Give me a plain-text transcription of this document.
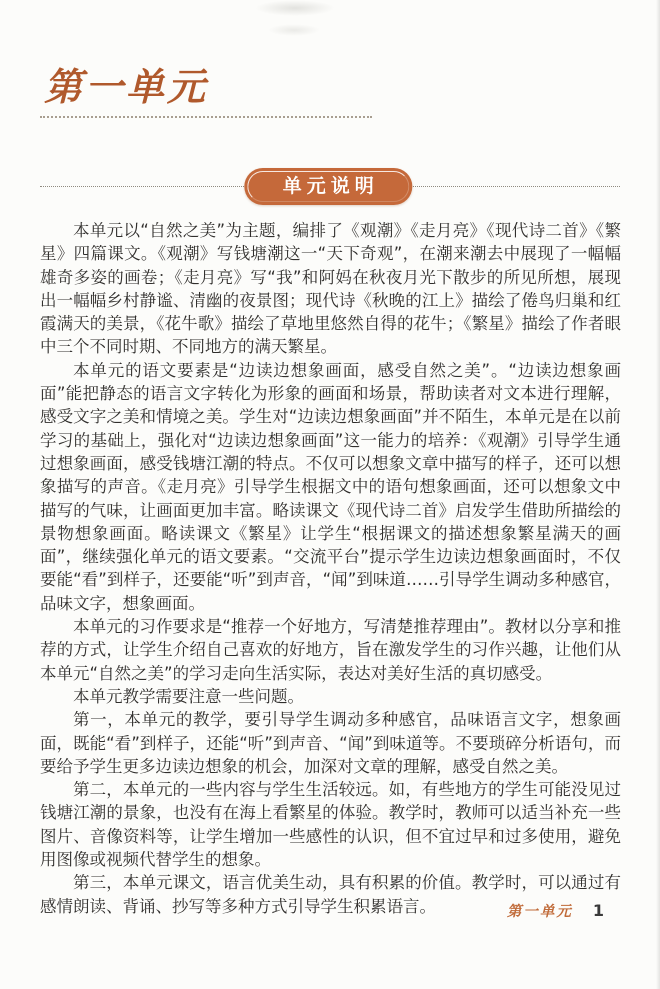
第一单元
单元说明

本单元以“自然之美”为主题，编排了《观潮》《走月亮》《现代诗二首》《繁星》四篇课文。《观潮》写钱塘潮这一“天下奇观”，在潮来潮去中展现了一幅幅雄奇多姿的画卷；《走月亮》写“我”和阿妈在秋夜月光下散步的所见所想，展现出一幅幅乡村静谧、清幽的夜景图；现代诗《秋晚的江上》描绘了倦鸟归巢和红霞满天的美景，《花牛歌》描绘了草地里悠然自得的花牛；《繁星》描绘了作者眼中三个不同时期、不同地方的满天繁星。

本单元的语文要素是“边读边想象画面，感受自然之美”。“边读边想象画面”能把静态的语言文字转化为形象的画面和场景，帮助读者对文本进行理解，感受文字之美和情境之美。学生对“边读边想象画面”并不陌生，本单元是在以前学习的基础上，强化对“边读边想象画面”这一能力的培养：《观潮》引导学生通过想象画面，感受钱塘江潮的特点。不仅可以想象文章中描写的样子，还可以想象描写的声音。《走月亮》引导学生根据文中的语句想象画面，还可以想象文中描写的气味，让画面更加丰富。略读课文《现代诗二首》启发学生借助所描绘的景物想象画面。略读课文《繁星》让学生“根据课文的描述想象繁星满天的画面”，继续强化单元的语文要素。“交流平台”提示学生边读边想象画面时，不仅要能“看”到样子，还要能“听”到声音，“闻”到味道……引导学生调动多种感官，品味文字，想象画面。

本单元的习作要求是“推荐一个好地方，写清楚推荐理由”。教材以分享和推荐的方式，让学生介绍自己喜欢的好地方，旨在激发学生的习作兴趣，让他们从本单元“自然之美”的学习走向生活实际，表达对美好生活的真切感受。

本单元教学需要注意一些问题。

第一，本单元的教学，要引导学生调动多种感官，品味语言文字，想象画面，既能“看”到样子，还能“听”到声音、“闻”到味道等。不要琐碎分析语句，而要给予学生更多边读边想象的机会，加深对文章的理解，感受自然之美。

第二，本单元的一些内容与学生生活较远。如，有些地方的学生可能没见过钱塘江潮的景象，也没有在海上看繁星的体验。教学时，教师可以适当补充一些图片、音像资料等，让学生增加一些感性的认识，但不宜过早和过多使用，避免用图像或视频代替学生的想象。

第三，本单元课文，语言优美生动，具有积累的价值。教学时，可以通过有感情朗读、背诵、抄写等多种方式引导学生积累语言。	第一单元 1
